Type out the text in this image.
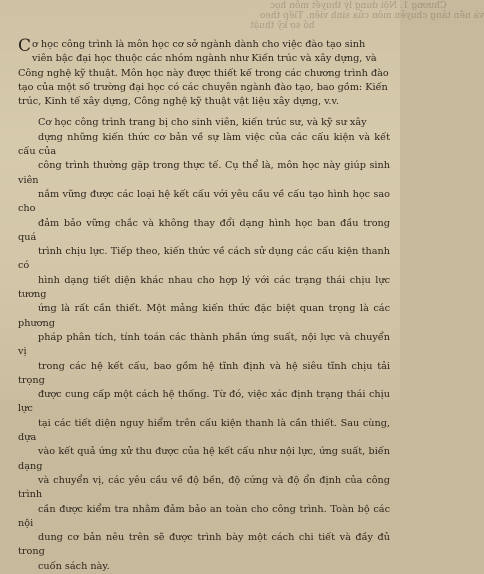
Chương 1. Nội dung lý thuyết môn học
và nền tảng chuyên môn của sinh viên. Tiếp theo
hồ sơ kỹ thuật

C ơ học công trình là môn học cơ sở ngành dành cho việc đào tạo sinh
viên bậc đại học thuộc các nhóm ngành như Kiến trúc và xây dựng, và
Công nghệ kỹ thuật. Môn học này được thiết kế trong các chương trình đào
tạo của một số trường đại học có các chuyên ngành đào tạo, bao gồm: Kiến
trúc, Kinh tế xây dựng, Công nghệ kỹ thuật vật liệu xây dựng, v.v.

Cơ học công trình trang bị cho sinh viên, kiến trúc sư, và kỹ sư xây
dựng những kiến thức cơ bản về sự làm việc của các cấu kiện và kết cấu của
công trình thường gặp trong thực tế. Cụ thể là, môn học này giúp sinh viên
nắm vững được các loại hệ kết cấu với yêu cầu về cấu tạo hình học sao cho
đảm bảo vững chắc và không thay đổi dạng hình học ban đầu trong quá
trình chịu lực. Tiếp theo, kiến thức về cách sử dụng các cấu kiện thanh có
hình dạng tiết diện khác nhau cho hợp lý với các trạng thái chịu lực tương
ứng là rất cần thiết. Một mảng kiến thức đặc biệt quan trọng là các phương
pháp phân tích, tính toán các thành phần ứng suất, nội lực và chuyển vị
trong các hệ kết cấu, bao gồm hệ tĩnh định và hệ siêu tĩnh chịu tải trọng
được cung cấp một cách hệ thống. Từ đó, việc xác định trạng thái chịu lực
tại các tiết diện nguy hiểm trên cấu kiện thanh là cần thiết. Sau cùng, dựa
vào kết quả ứng xử thu được của hệ kết cấu như nội lực, ứng suất, biến dạng
và chuyển vị, các yêu cầu về độ bền, độ cứng và độ ổn định của công trình
cần được kiểm tra nhằm đảm bảo an toàn cho công trình. Toàn bộ các nội
dung cơ bản nêu trên sẽ được trình bày một cách chi tiết và đầy đủ trong
cuốn sách này.
